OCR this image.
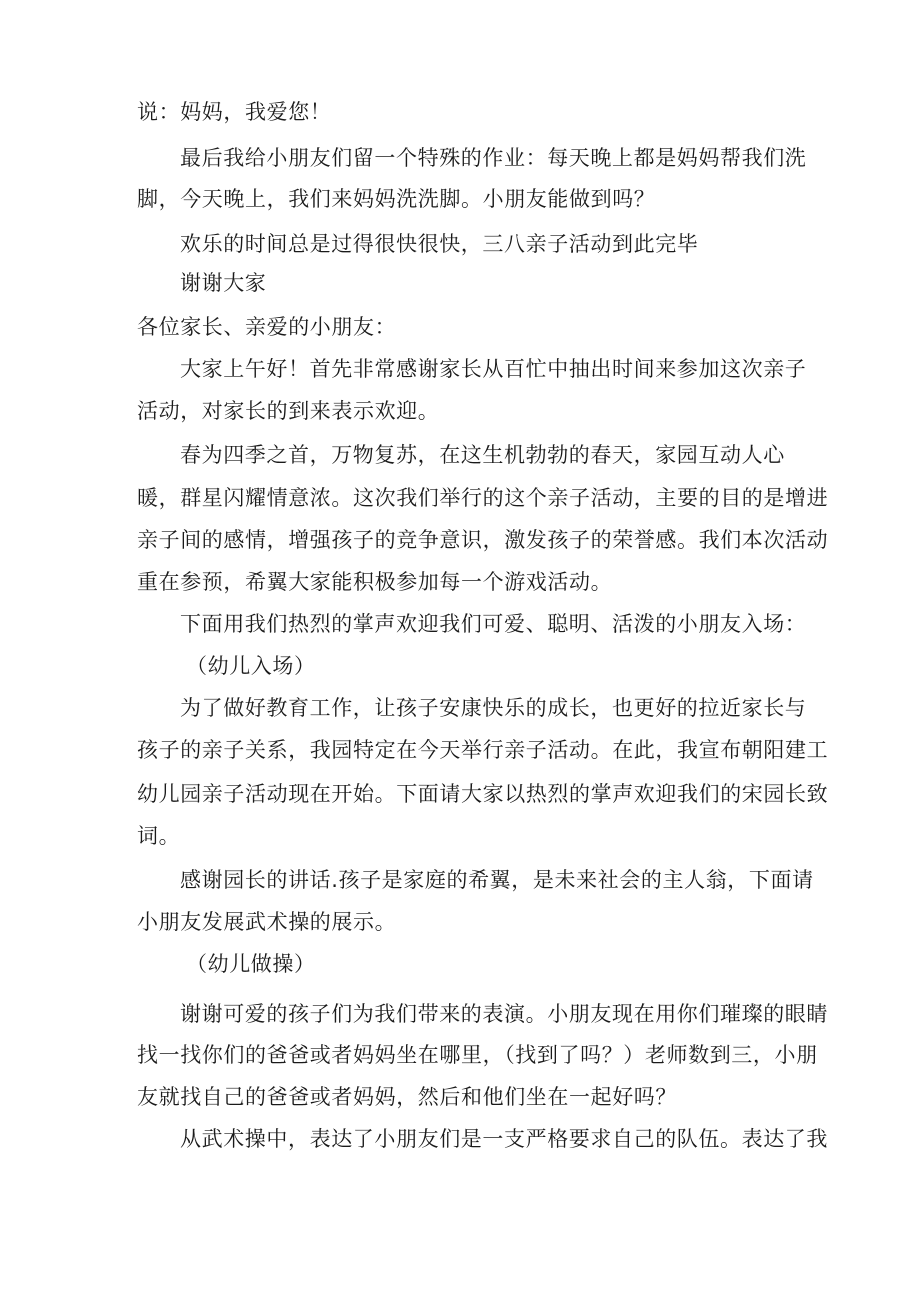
说：妈妈，我爱您！
最后我给小朋友们留一个特殊的作业：每天晚上都是妈妈帮我们洗
脚，今天晚上，我们来妈妈洗洗脚。小朋友能做到吗？
欢乐的时间总是过得很快很快，三八亲子活动到此完毕
谢谢大家
各位家长、亲爱的小朋友：
大家上午好！首先非常感谢家长从百忙中抽出时间来参加这次亲子
活动，对家长的到来表示欢迎。
春为四季之首，万物复苏，在这生机勃勃的春天，家园互动人心
暖，群星闪耀情意浓。这次我们举行的这个亲子活动，主要的目的是增进
亲子间的感情，增强孩子的竞争意识，激发孩子的荣誉感。我们本次活动
重在参预，希翼大家能积极参加每一个游戏活动。
下面用我们热烈的掌声欢迎我们可爱、聪明、活泼的小朋友入场：
（幼儿入场）
为了做好教育工作，让孩子安康快乐的成长，也更好的拉近家长与
孩子的亲子关系，我园特定在今天举行亲子活动。在此，我宣布朝阳建工
幼儿园亲子活动现在开始。下面请大家以热烈的掌声欢迎我们的宋园长致
词。
感谢园长的讲话.孩子是家庭的希翼，是未来社会的主人翁，下面请
小朋友发展武术操的展示。
（幼儿做操）
谢谢可爱的孩子们为我们带来的表演。小朋友现在用你们璀璨的眼睛
找一找你们的爸爸或者妈妈坐在哪里，（找到了吗？）老师数到三，小朋
友就找自己的爸爸或者妈妈，然后和他们坐在一起好吗？
从武术操中，表达了小朋友们是一支严格要求自己的队伍。表达了我
